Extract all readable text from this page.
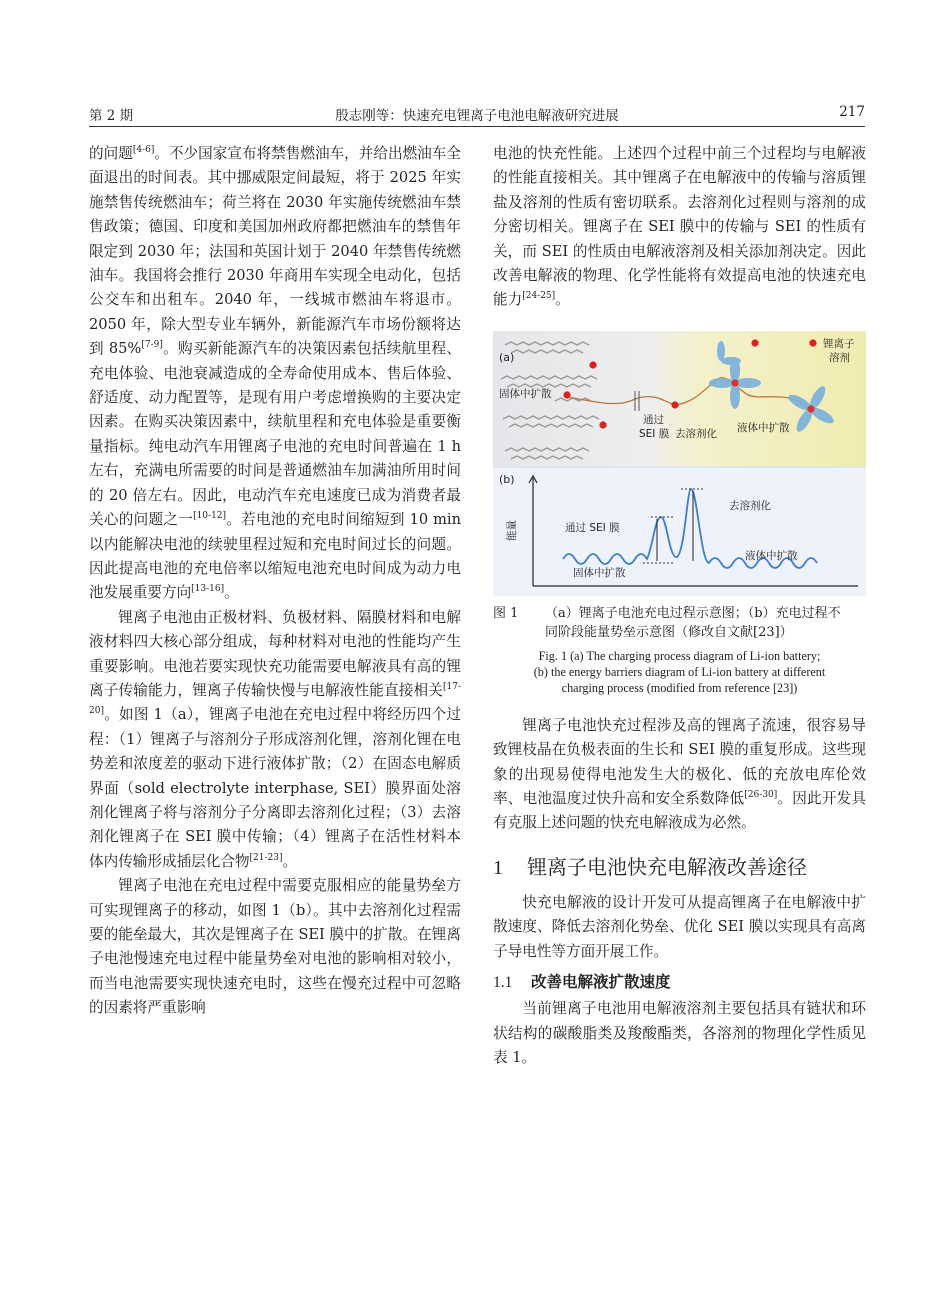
第 2 期	殷志刚等：快速充电锂离子电池电解液研究进展	217

的问题[4-6]。不少国家宣布将禁售燃油车，并给出燃油车全面退出的时间表。其中挪威限定间最短，将于 2025 年实施禁售传统燃油车；荷兰将在 2030 年实施传统燃油车禁售政策；德国、印度和美国加州政府都把燃油车的禁售年限定到 2030 年；法国和英国计划于 2040 年禁售传统燃油车。我国将会推行 2030 年商用车实现全电动化，包括公交车和出租车。2040 年，一线城市燃油车将退市。2050 年，除大型专业车辆外，新能源汽车市场份额将达到 85%[7-9]。购买新能源汽车的决策因素包括续航里程、充电体验、电池衰减造成的全寿命使用成本、售后体验、舒适度、动力配置等，是现有用户考虑增换购的主要决定因素。在购买决策因素中，续航里程和充电体验是重要衡量指标。纯电动汽车用锂离子电池的充电时间普遍在 1 h 左右，充满电所需要的时间是普通燃油车加满油所用时间的 20 倍左右。因此，电动汽车充电速度已成为消费者最关心的问题之一[10-12]。若电池的充电时间缩短到 10 min 以内能解决电池的续驶里程过短和充电时间过长的问题。因此提高电池的充电倍率以缩短电池充电时间成为动力电池发展重要方向[13-16]。

锂离子电池由正极材料、负极材料、隔膜材料和电解液材料四大核心部分组成，每种材料对电池的性能均产生重要影响。电池若要实现快充功能需要电解液具有高的锂离子传输能力，锂离子传输快慢与电解液性能直接相关[17-20]。如图 1（a），锂离子电池在充电过程中将经历四个过程：（1）锂离子与溶剂分子形成溶剂化锂，溶剂化锂在电势差和浓度差的驱动下进行液体扩散；（2）在固态电解质界面（sold electrolyte interphase, SEI）膜界面处溶剂化锂离子将与溶剂分子分离即去溶剂化过程；（3）去溶剂化锂离子在 SEI 膜中传输；（4）锂离子在活性材料本体内传输形成插层化合物[21-23]。

锂离子电池在充电过程中需要克服相应的能量势垒方可实现锂离子的移动，如图 1（b）。其中去溶剂化过程需要的能垒最大，其次是锂离子在 SEI 膜中的扩散。在锂离子电池慢速充电过程中能量势垒对电池的影响相对较小，而当电池需要实现快速充电时，这些在慢充过程中可忽略的因素将严重影响

电池的快充性能。上述四个过程中前三个过程均与电解液的性能直接相关。其中锂离子在电解液中的传输与溶质锂盐及溶剂的性质有密切联系。去溶剂化过程则与溶剂的成分密切相关。锂离子在 SEI 膜中的传输与 SEI 的性质有关，而 SEI 的性质由电解液溶剂及相关添加剂决定。因此改善电解液的物理、化学性能将有效提高电池的快速充电能力[24-25]。

(a)
固体中扩散
通过
SEI 膜 去溶剂化 液体中扩散
锂离子
溶剂
(b)
能量	通过 SEI 膜
去溶剂化
液体中扩散
固体中扩散
图 1	（a）锂离子电池充电过程示意图；（b）充电过程不
同阶段能量势垒示意图（修改自文献[23]）
Fig. 1 (a) The charging process diagram of Li-ion battery;
(b) the energy barriers diagram of Li-ion battery at different
charging process (modified from reference [23])

锂离子电池快充过程涉及高的锂离子流速，很容易导致锂枝晶在负极表面的生长和 SEI 膜的重复形成。这些现象的出现易使得电池发生大的极化、低的充放电库伦效率、电池温度过快升高和安全系数降低[26-30]。因此开发具有克服上述问题的快充电解液成为必然。

1 锂离子电池快充电解液改善途径

快充电解液的设计开发可从提高锂离子在电解液中扩散速度、降低去溶剂化势垒、优化 SEI 膜以实现具有高离子导电性等方面开展工作。

1.1 改善电解液扩散速度

当前锂离子电池用电解液溶剂主要包括具有链状和环状结构的碳酸脂类及羧酸酯类，各溶剂的物理化学性质见表 1。
